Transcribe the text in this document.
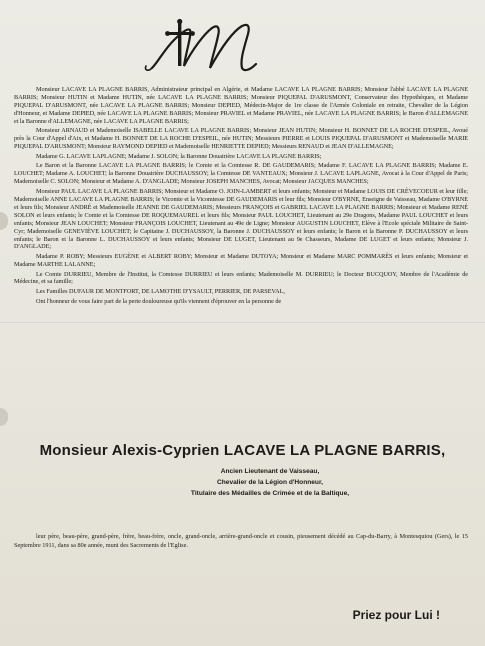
Monsieur LACAVE LA PLAGNE BARRIS, Administrateur principal en Algérie, et Madame LACAVE LA PLAGNE BARRIS; Monsieur l'abbé LACAVE LA PLAGNE BARRIS; Monsieur HUTIN et Madame HUTIN, née LACAVE LA PLAGNE BARRIS; Monsieur PIQUEPAL D'ARUSMONT, Conservateur des Hypothèques, et Madame PIQUEPAL D'ARUSMONT, née LACAVE LA PLAGNE BARRIS; Monsieur DEPIED, Médecin-Major de 1re classe de l'Armée Coloniale en retraite, Chevalier de la Légion d'Honneur, et Madame DEPIED, née LACAVE LA PLAGNE BARRIS; Monsieur PRAVIEL et Madame PRAVIEL, née LACAVE LA PLAGNE BARRIS; le Baron d'ALLEMAGNE et la Baronne d'ALLEMAGNE, née LACAVE LA PLAGNE BARRIS;

Monsieur ARNAUD et Mademoiselle ISABELLE LACAVE LA PLAGNE BARRIS; Monsieur JEAN HUTIN; Monsieur H. BONNET DE LA ROCHE D'ESPEIL, Avoué près la Cour d'Appel d'Aix, et Madame H. BONNET DE LA ROCHE D'ESPEIL, née HUTIN; Messieurs PIERRE et LOUIS PIQUEPAL D'ARUSMONT et Mademoiselle MARIE PIQUEPAL D'ARUSMONT; Monsieur RAYMOND DEPIED et Mademoiselle HENRIETTE DEPIED; Messieurs RENAUD et JEAN D'ALLEMAGNE;

Madame G. LACAVE LAPLAGNE; Madame J. SOLON; la Baronne Douairière LACAVE LA PLAGNE BARRIS;

Le Baron et la Baronne LACAVE LA PLAGNE BARRIS; le Comte et la Comtesse R. DE GAUDEMARIS; Madame F. LACAVE LA PLAGNE BARRIS; Madame E. LOUCHET; Madame A. LOUCHET; la Baronne Douairière DUCHAUSSOY; la Comtesse DE VANTEAUX; Monsieur J. LACAVE LAPLAGNE, Avocat à la Cour d'Appel de Paris; Mademoiselle C. SOLON; Monsieur et Madame A. D'ANGLADE; Monsieur JOSEPH MANCHES, Avocat; Monsieur JACQUES MANCHES;

Monsieur PAUL LACAVE LA PLAGNE BARRIS; Monsieur et Madame O. JOIN-LAMBERT et leurs enfants; Monsieur et Madame LOUIS DE CRÈVECOEUR et leur fille; Mademoiselle ANNE LACAVE LA PLAGNE BARRIS; le Vicomte et la Vicomtesse DE GAUDEMARIS et leur fils; Monsieur O'BYRNE, Enseigne de Vaisseau, Madame O'BYRNE et leurs fils; Monsieur ANDRÉ et Mademoiselle JEANNE DE GAUDEMARIS; Messieurs FRANÇOIS et GABRIEL LACAVE LA PLAGNE BARRIS; Monsieur et Madame RENÉ SOLON et leurs enfants; le Comte et la Comtesse DE ROQUEMAUREL et leurs fils; Monsieur PAUL LOUCHET, Lieutenant au 29e Dragons, Madame PAUL LOUCHET et leurs enfants; Monsieur JEAN LOUCHET; Monsieur FRANÇOIS LOUCHET, Lieutenant au 49e de Ligne; Monsieur AUGUSTIN LOUCHET, Elève à l'Ecole spéciale Militaire de Saint-Cyr; Mademoiselle GENEVIÈVE LOUCHET; le Capitaine J. DUCHAUSSOY, la Baronne J. DUCHAUSSOY et leurs enfants; le Baron et la Baronne P. DUCHAUSSOY et leurs enfants; le Baron et la Baronne L. DUCHAUSSOY et leurs enfants; Monsieur DE LUGET, Lieutenant au 9e Chasseurs, Madame DE LUGET et leurs enfants; Monsieur J. D'ANGLADE;

Madame P. ROBY; Messieurs EUGÈNE et ALBERT ROBY; Monsieur et Madame DUTOYA; Monsieur et Madame MARC POMMARÈS et leurs enfants; Monsieur et Madame MARTHE LALANNE;

Le Comte DURRIEU, Membre de l'Institut, la Comtesse DURRIEU et leurs enfants; Mademoiselle M. DURRIEU; le Docteur BUCQUOY, Membre de l'Académie de Médecine, et sa famille;

Les Familles DUFAUR DE MONTFORT, DE LAMOTHE D'YSAULT, PERRIER, DE PARSEVAL,

Ont l'honneur de vous faire part de la perte douloureuse qu'ils viennent d'éprouver en la personne de

Monsieur Alexis-Cyprien LACAVE LA PLAGNE BARRIS,
Ancien Lieutenant de Vaisseau,
Chevalier de la Légion d'Honneur,
Titulaire des Médailles de Crimée et de la Baltique,

leur père, beau-père, grand-père, frère, beau-frère, oncle, grand-oncle, arrière-grand-oncle et cousin, pieusement décédé au Cap-du-Barry, à Montesquiou (Gers), le 15 Septembre 1911, dans sa 80e année, muni des Sacrements de l'Eglise.

Priez pour Lui !
